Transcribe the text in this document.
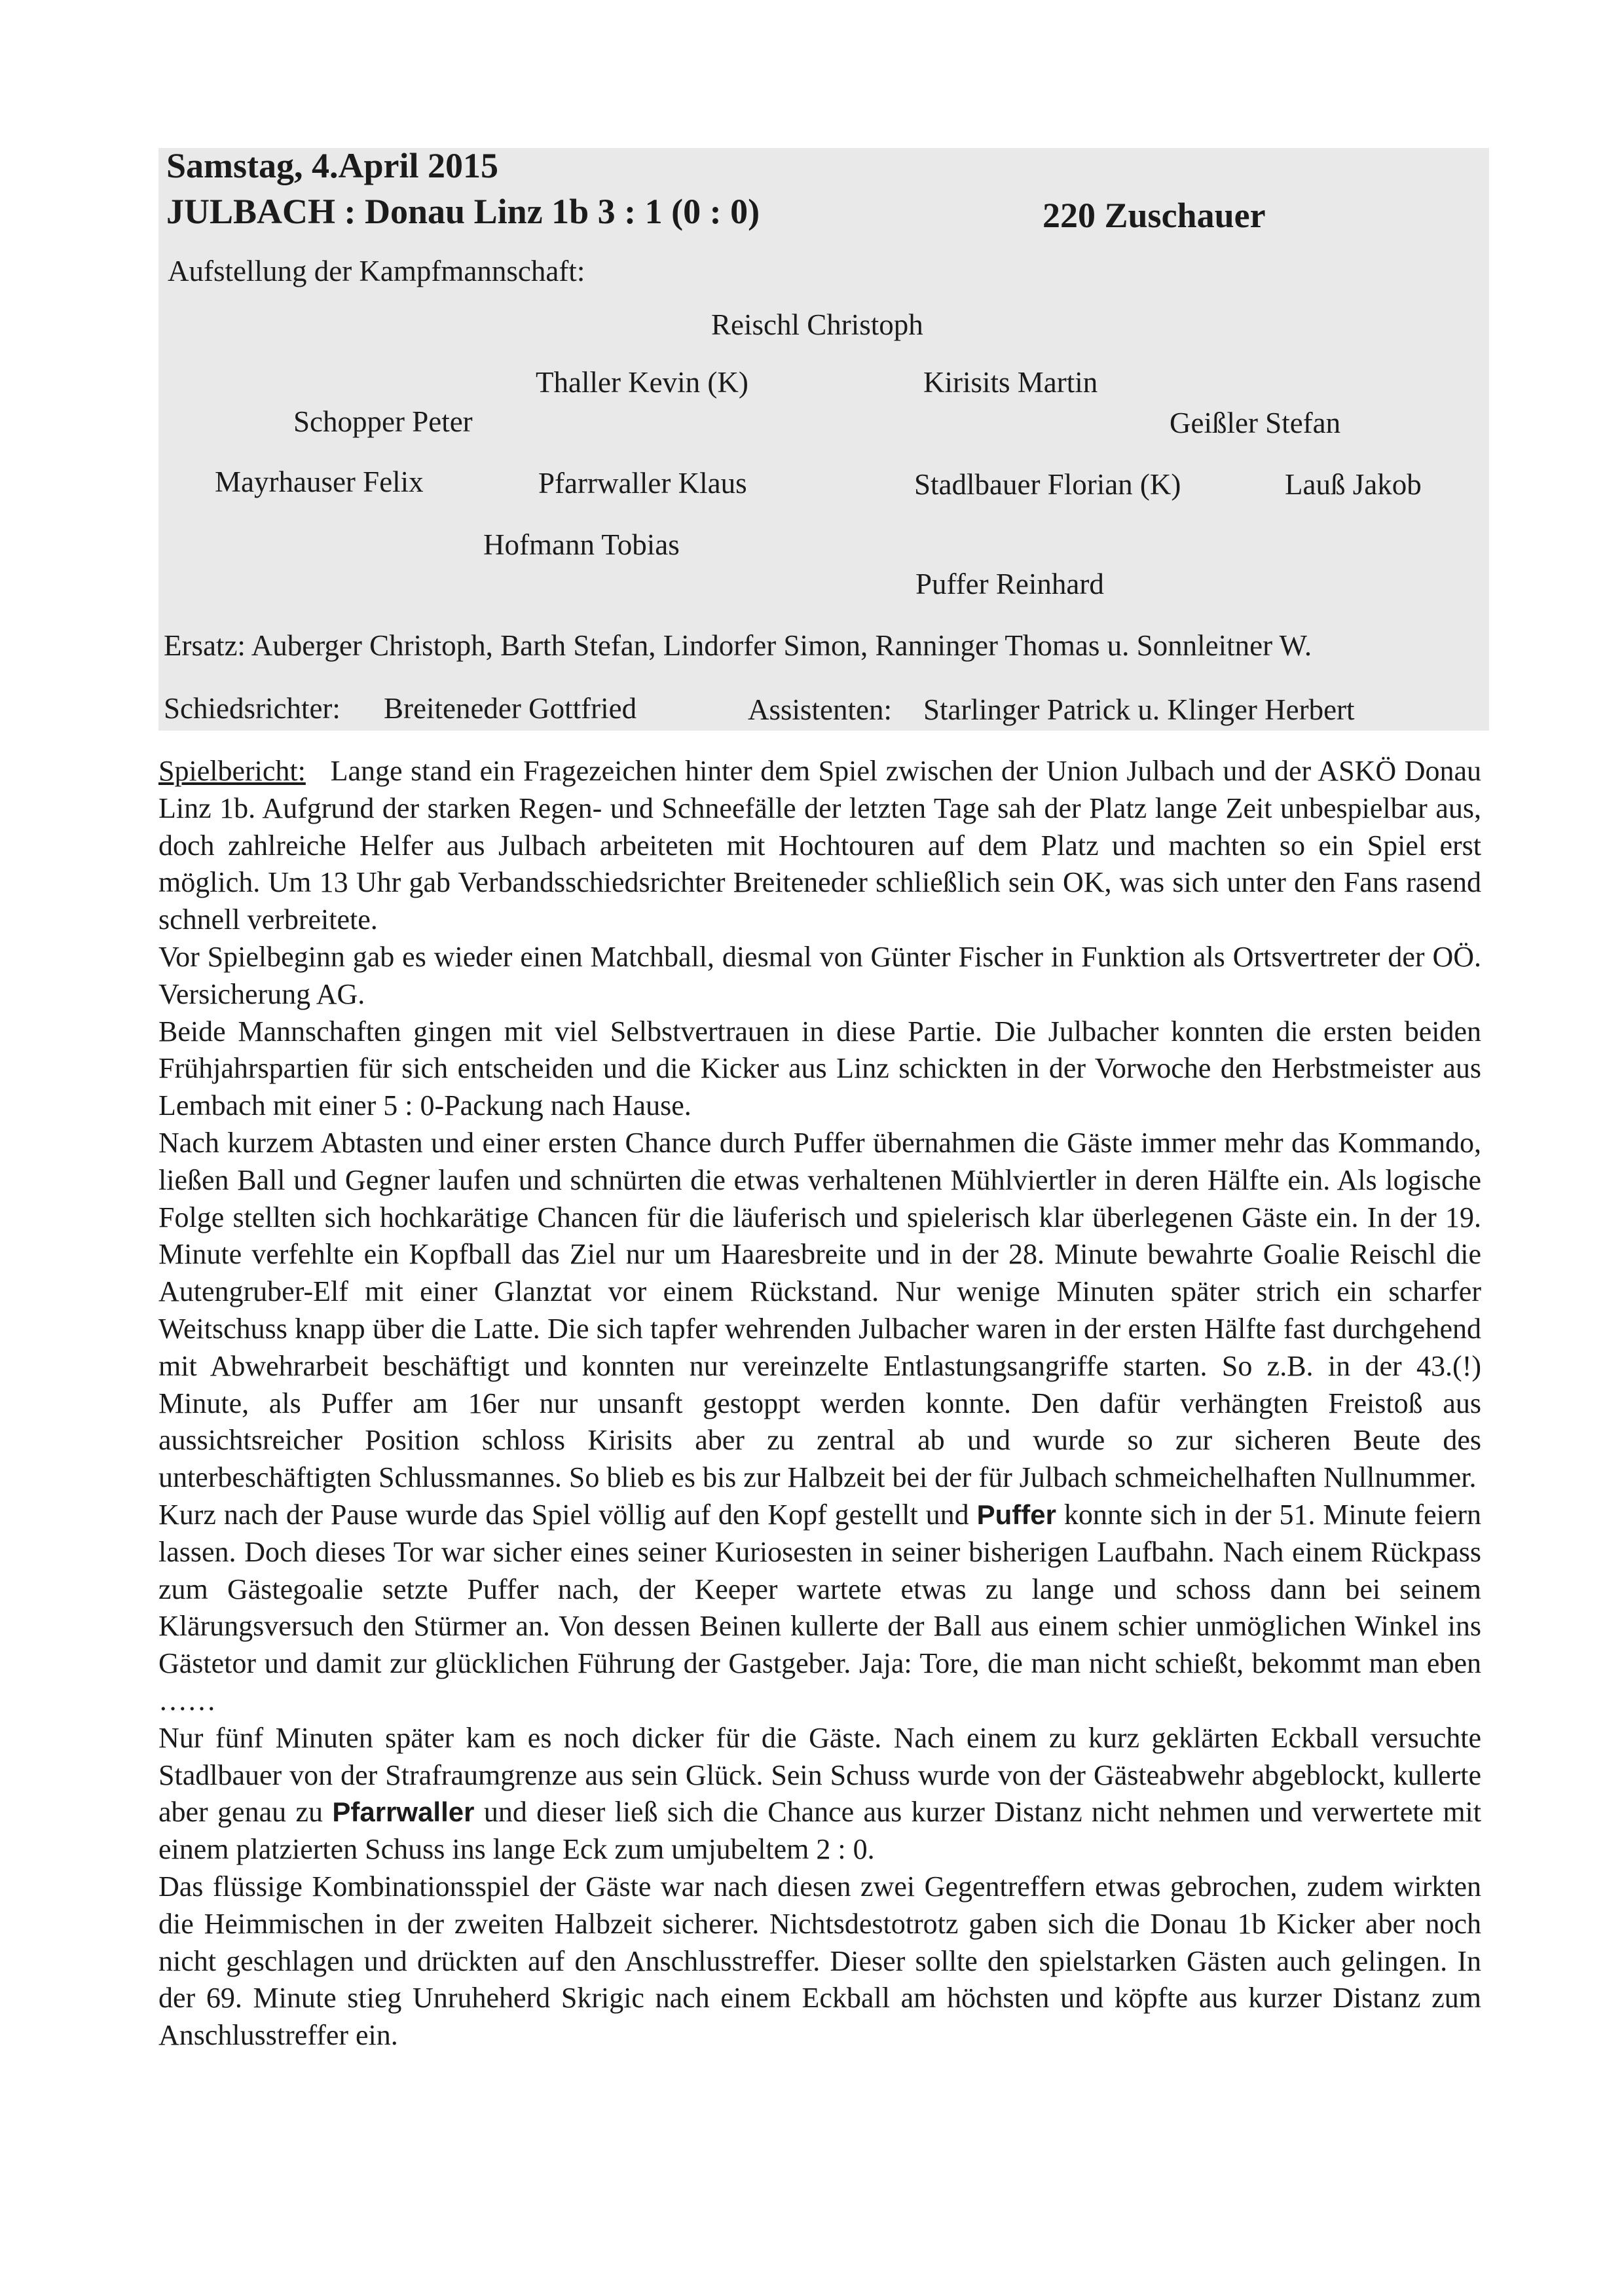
Samstag, 4.April 2015
JULBACH : Donau Linz 1b 3 : 1 (0 : 0)	220 Zuschauer
Aufstellung der Kampfmannschaft:
Reischl Christoph
Thaller Kevin (K)	Kirisits Martin
Schopper Peter	Geißler Stefan
Mayrhauser Felix	Pfarrwaller Klaus	Stadlbauer Florian (K)	Lauß Jakob
Hofmann Tobias
Puffer Reinhard
Ersatz: Auberger Christoph, Barth Stefan, Lindorfer Simon, Ranninger Thomas u. Sonnleitner W.
Schiedsrichter: Breiteneder Gottfried	Assistenten: Starlinger Patrick u. Klinger Herbert

Spielbericht: Lange stand ein Fragezeichen hinter dem Spiel zwischen der Union Julbach und der ASKÖ Donau Linz 1b. Aufgrund der starken Regen- und Schneefälle der letzten Tage sah der Platz lange Zeit unbespielbar aus, doch zahlreiche Helfer aus Julbach arbeiteten mit Hochtouren auf dem Platz und machten so ein Spiel erst möglich. Um 13 Uhr gab Verbandsschiedsrichter Breiteneder schließlich sein OK, was sich unter den Fans rasend schnell verbreitete.

Vor Spielbeginn gab es wieder einen Matchball, diesmal von Günter Fischer in Funktion als Ortsvertreter der OÖ. Versicherung AG.

Beide Mannschaften gingen mit viel Selbstvertrauen in diese Partie. Die Julbacher konnten die ersten beiden Frühjahrspartien für sich entscheiden und die Kicker aus Linz schickten in der Vorwoche den Herbstmeister aus Lembach mit einer 5 : 0-Packung nach Hause.

Nach kurzem Abtasten und einer ersten Chance durch Puffer übernahmen die Gäste immer mehr das Kommando, ließen Ball und Gegner laufen und schnürten die etwas verhaltenen Mühlviertler in deren Hälfte ein. Als logische Folge stellten sich hochkarätige Chancen für die läuferisch und spielerisch klar überlegenen Gäste ein. In der 19. Minute verfehlte ein Kopfball das Ziel nur um Haaresbreite und in der 28. Minute bewahrte Goalie Reischl die Autengruber-Elf mit einer Glanztat vor einem Rückstand. Nur wenige Minuten später strich ein scharfer Weitschuss knapp über die Latte. Die sich tapfer wehrenden Julbacher waren in der ersten Hälfte fast durchgehend mit Abwehrarbeit beschäftigt und konnten nur vereinzelte Entlastungsangriffe starten. So z.B. in der 43.(!) Minute, als Puffer am 16er nur unsanft gestoppt werden konnte. Den dafür verhängten Freistoß aus aussichtsreicher Position schloss Kirisits aber zu zentral ab und wurde so zur sicheren Beute des unterbeschäftigten Schlussmannes. So blieb es bis zur Halbzeit bei der für Julbach schmeichelhaften Nullnummer.

Kurz nach der Pause wurde das Spiel völlig auf den Kopf gestellt und Puffer konnte sich in der 51. Minute feiern lassen. Doch dieses Tor war sicher eines seiner Kuriosesten in seiner bisherigen Laufbahn. Nach einem Rückpass zum Gästegoalie setzte Puffer nach, der Keeper wartete etwas zu lange und schoss dann bei seinem Klärungsversuch den Stürmer an. Von dessen Beinen kullerte der Ball aus einem schier unmöglichen Winkel ins Gästetor und damit zur glücklichen Führung der Gastgeber. Jaja: Tore, die man nicht schießt, bekommt man eben ……

Nur fünf Minuten später kam es noch dicker für die Gäste. Nach einem zu kurz geklärten Eckball versuchte Stadlbauer von der Strafraumgrenze aus sein Glück. Sein Schuss wurde von der Gästeabwehr abgeblockt, kullerte aber genau zu Pfarrwaller und dieser ließ sich die Chance aus kurzer Distanz nicht nehmen und verwertete mit einem platzierten Schuss ins lange Eck zum umjubeltem 2 : 0.

Das flüssige Kombinationsspiel der Gäste war nach diesen zwei Gegentreffern etwas gebrochen, zudem wirkten die Heimmischen in der zweiten Halbzeit sicherer. Nichtsdestotrotz gaben sich die Donau 1b Kicker aber noch nicht geschlagen und drückten auf den Anschlusstreffer. Dieser sollte den spielstarken Gästen auch gelingen. In der 69. Minute stieg Unruheherd Skrigic nach einem Eckball am höchsten und köpfte aus kurzer Distanz zum Anschlusstreffer ein.
